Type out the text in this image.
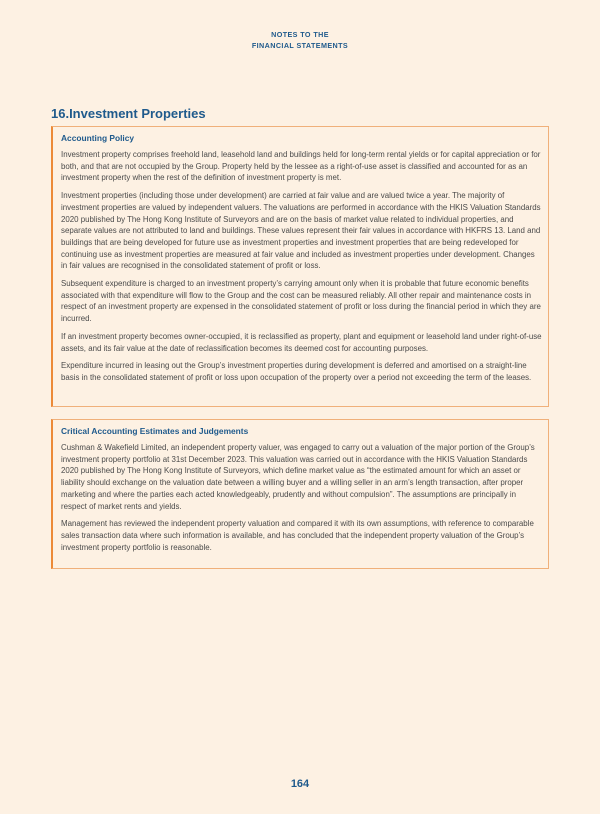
NOTES TO THE
FINANCIAL STATEMENTS
16.Investment Properties
Accounting Policy

Investment property comprises freehold land, leasehold land and buildings held for long-term rental yields or for capital appreciation or for both, and that are not occupied by the Group. Property held by the lessee as a right-of-use asset is classified and accounted for as an investment property when the rest of the definition of investment property is met.

Investment properties (including those under development) are carried at fair value and are valued twice a year. The majority of investment properties are valued by independent valuers. The valuations are performed in accordance with the HKIS Valuation Standards 2020 published by The Hong Kong Institute of Surveyors and are on the basis of market value related to individual properties, and separate values are not attributed to land and buildings. These values represent their fair values in accordance with HKFRS 13. Land and buildings that are being developed for future use as investment properties and investment properties that are being redeveloped for continuing use as investment properties are measured at fair value and included as investment properties under development. Changes in fair values are recognised in the consolidated statement of profit or loss.

Subsequent expenditure is charged to an investment property’s carrying amount only when it is probable that future economic benefits associated with that expenditure will flow to the Group and the cost can be measured reliably. All other repair and maintenance costs in respect of an investment property are expensed in the consolidated statement of profit or loss during the financial period in which they are incurred.

If an investment property becomes owner-occupied, it is reclassified as property, plant and equipment or leasehold land under right-of-use assets, and its fair value at the date of reclassification becomes its deemed cost for accounting purposes.

Expenditure incurred in leasing out the Group’s investment properties during development is deferred and amortised on a straight-line basis in the consolidated statement of profit or loss upon occupation of the property over a period not exceeding the term of the leases.

Critical Accounting Estimates and Judgements

Cushman & Wakefield Limited, an independent property valuer, was engaged to carry out a valuation of the major portion of the Group’s investment property portfolio at 31st December 2023. This valuation was carried out in accordance with the HKIS Valuation Standards 2020 published by The Hong Kong Institute of Surveyors, which define market value as “the estimated amount for which an asset or liability should exchange on the valuation date between a willing buyer and a willing seller in an arm’s length transaction, after proper marketing and where the parties each acted knowledgeably, prudently and without compulsion”. The assumptions are principally in respect of market rents and yields.

Management has reviewed the independent property valuation and compared it with its own assumptions, with reference to comparable sales transaction data where such information is available, and has concluded that the independent property valuation of the Group’s investment property portfolio is reasonable.

164
